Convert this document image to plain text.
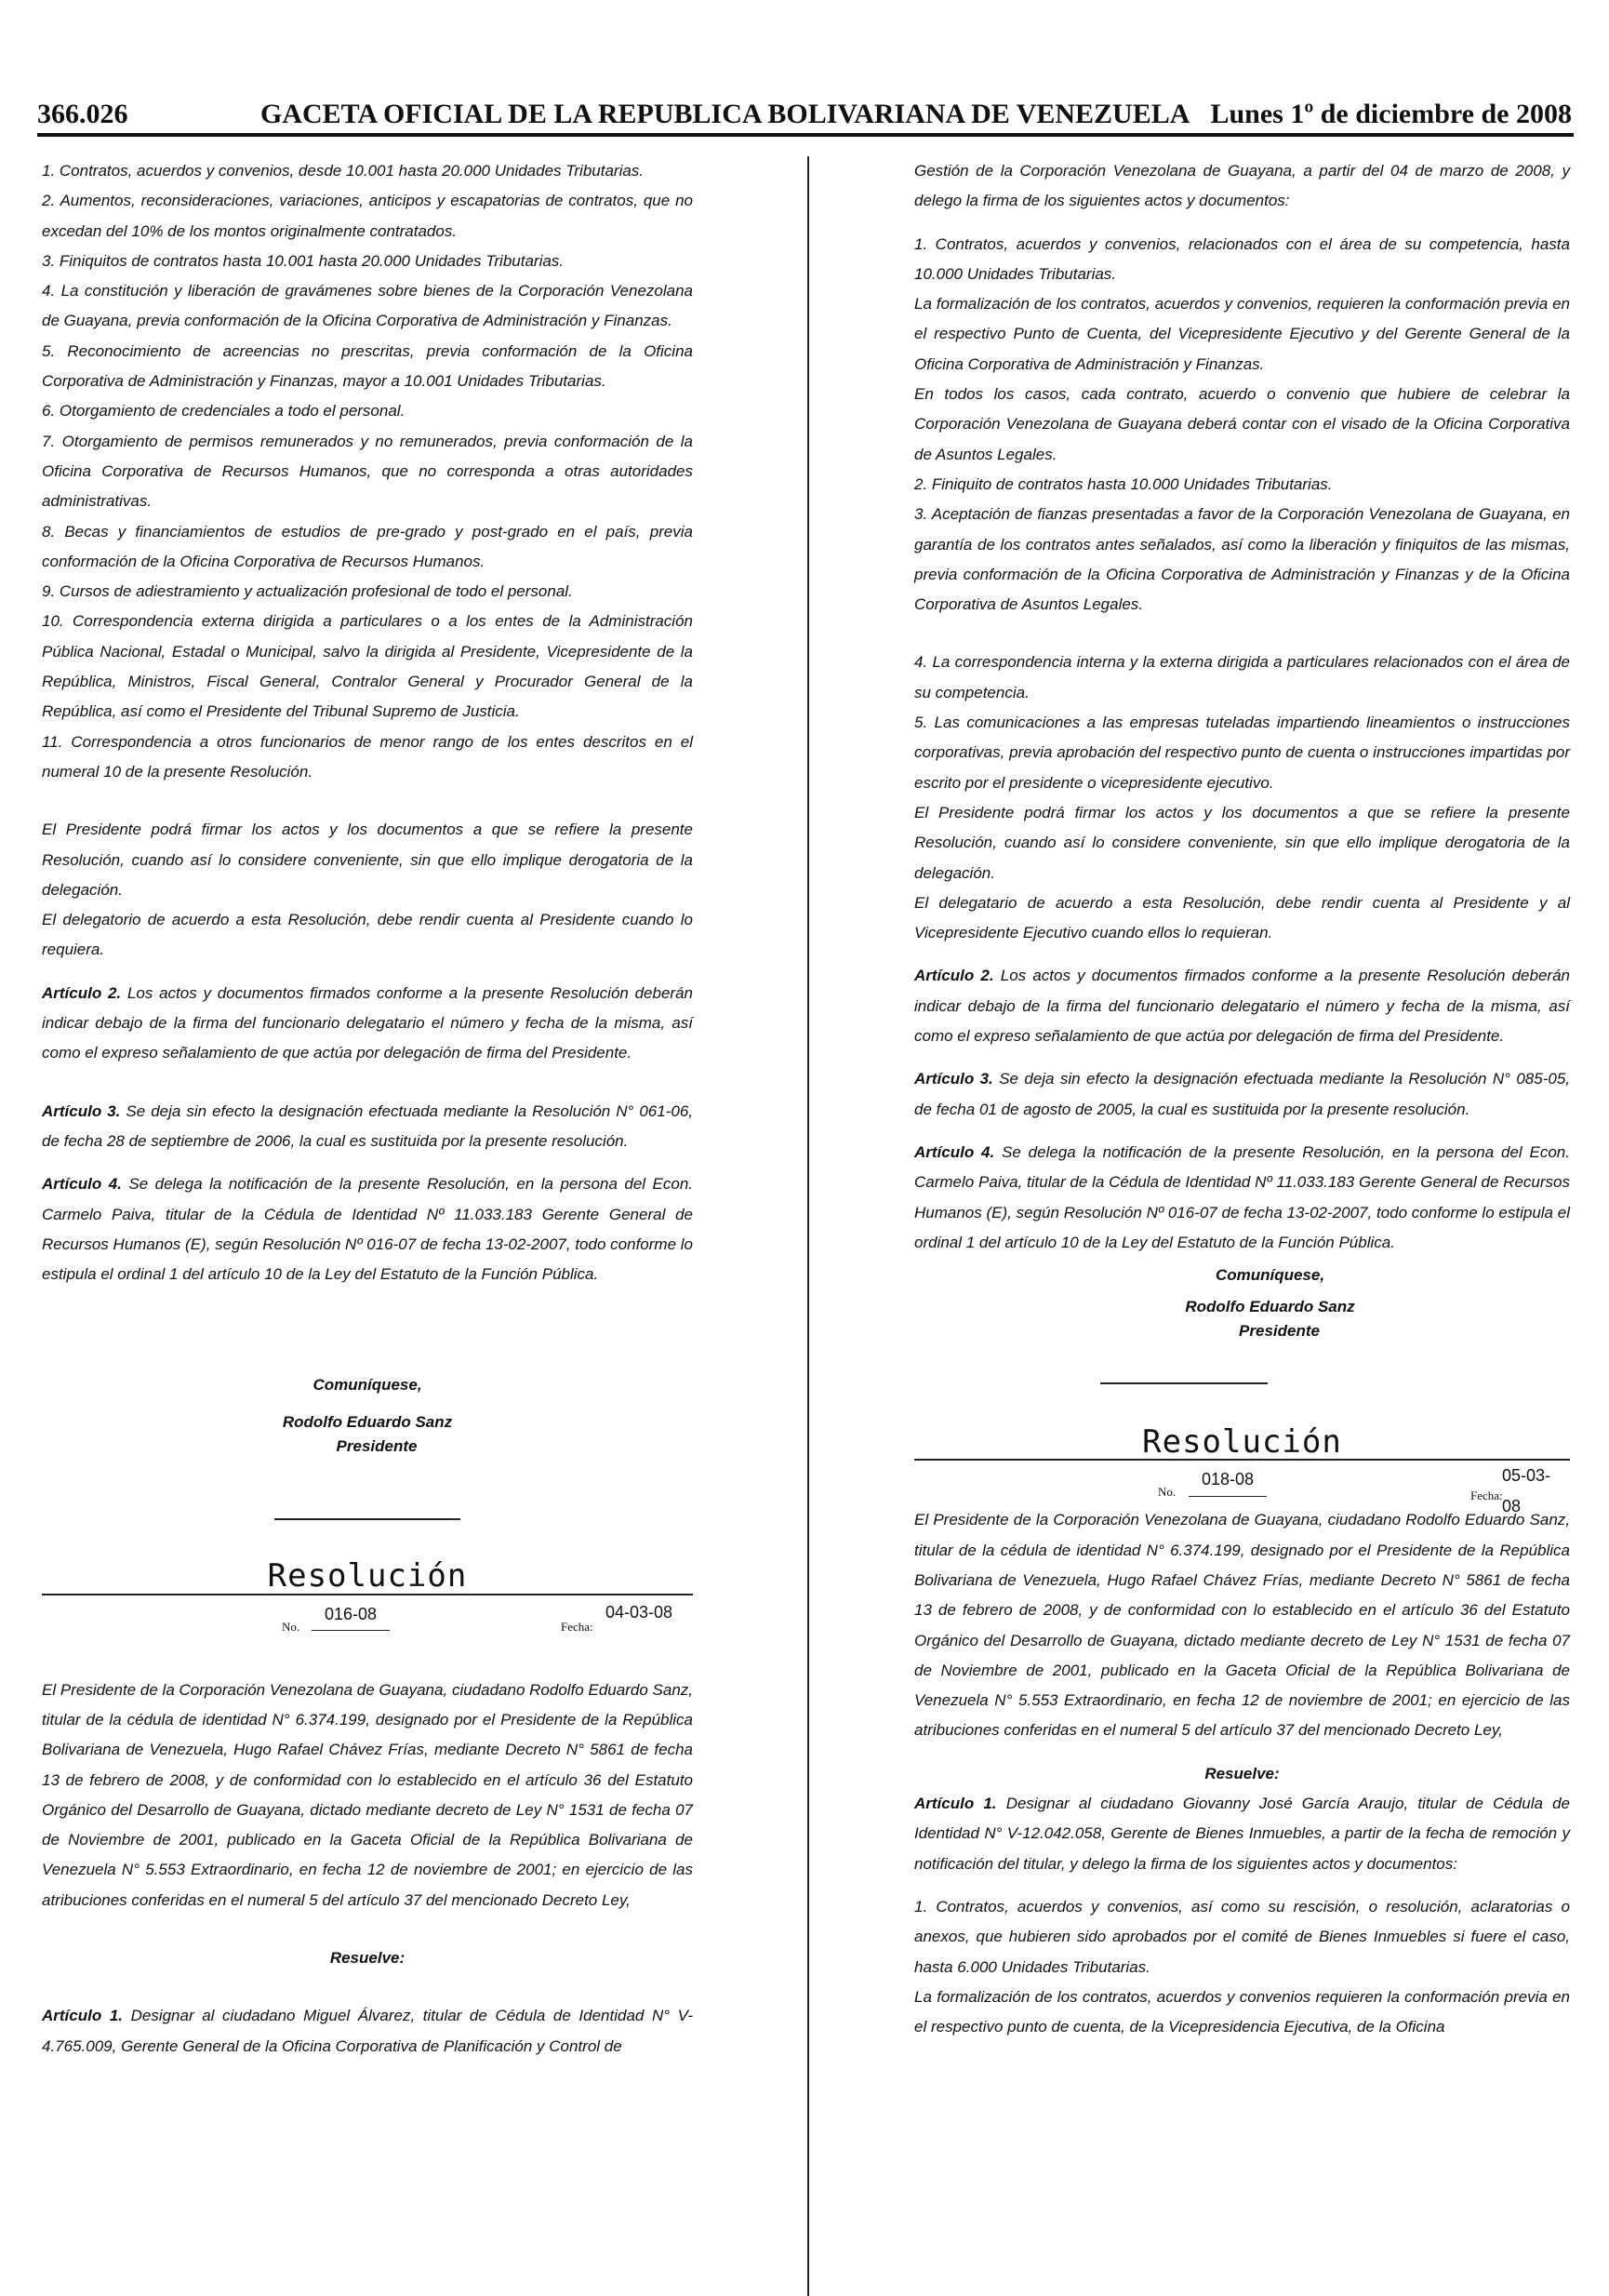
366.026	GACETA OFICIAL DE LA REPUBLICA BOLIVARIANA DE VENEZUELA Lunes 1º de diciembre de 2008

1. Contratos, acuerdos y convenios, desde 10.001 hasta 20.000 Unidades Tributarias.

2. Aumentos, reconsideraciones, variaciones, anticipos y escapatorias de contratos, que no excedan del 10% de los montos originalmente contratados.

3. Finiquitos de contratos hasta 10.001 hasta 20.000 Unidades Tributarias.

4. La constitución y liberación de gravámenes sobre bienes de la Corporación Venezolana de Guayana, previa conformación de la Oficina Corporativa de Administración y Finanzas.

5. Reconocimiento de acreencias no prescritas, previa conformación de la Oficina Corporativa de Administración y Finanzas, mayor a 10.001 Unidades Tributarias.

6. Otorgamiento de credenciales a todo el personal.

7. Otorgamiento de permisos remunerados y no remunerados, previa conformación de la Oficina Corporativa de Recursos Humanos, que no corresponda a otras autoridades administrativas.

8. Becas y financiamientos de estudios de pre-grado y post-grado en el país, previa conformación de la Oficina Corporativa de Recursos Humanos.

9. Cursos de adiestramiento y actualización profesional de todo el personal.

10. Correspondencia externa dirigida a particulares o a los entes de la Administración Pública Nacional, Estadal o Municipal, salvo la dirigida al Presidente, Vicepresidente de la República, Ministros, Fiscal General, Contralor General y Procurador General de la República, así como el Presidente del Tribunal Supremo de Justicia.

11. Correspondencia a otros funcionarios de menor rango de los entes descritos en el numeral 10 de la presente Resolución.

El Presidente podrá firmar los actos y los documentos a que se refiere la presente Resolución, cuando así lo considere conveniente, sin que ello implique derogatoria de la delegación.

El delegatorio de acuerdo a esta Resolución, debe rendir cuenta al Presidente cuando lo requiera.

Artículo 2. Los actos y documentos firmados conforme a la presente Resolución deberán indicar debajo de la firma del funcionario delegatario el número y fecha de la misma, así como el expreso señalamiento de que actúa por delegación de firma del Presidente.

Artículo 3. Se deja sin efecto la designación efectuada mediante la Resolución N° 061-06, de fecha 28 de septiembre de 2006, la cual es sustituida por la presente resolución.

Artículo 4. Se delega la notificación de la presente Resolución, en la persona del Econ. Carmelo Paiva, titular de la Cédula de Identidad Nº 11.033.183 Gerente General de Recursos Humanos (E), según Resolución Nº 016-07 de fecha 13-02-2007, todo conforme lo estipula el ordinal 1 del artículo 10 de la Ley del Estatuto de la Función Pública.

Comuníquese,
Rodolfo Eduardo Sanz
Presidente
Resolución
No.
016-08
Fecha:
04-03-08

El Presidente de la Corporación Venezolana de Guayana, ciudadano Rodolfo Eduardo Sanz, titular de la cédula de identidad N° 6.374.199, designado por el Presidente de la República Bolivariana de Venezuela, Hugo Rafael Chávez Frías, mediante Decreto N° 5861 de fecha 13 de febrero de 2008, y de conformidad con lo establecido en el artículo 36 del Estatuto Orgánico del Desarrollo de Guayana, dictado mediante decreto de Ley N° 1531 de fecha 07 de Noviembre de 2001, publicado en la Gaceta Oficial de la República Bolivariana de Venezuela N° 5.553 Extraordinario, en fecha 12 de noviembre de 2001; en ejercicio de las atribuciones conferidas en el numeral 5 del artículo 37 del mencionado Decreto Ley,

Resuelve:

Artículo 1. Designar al ciudadano Miguel Álvarez, titular de Cédula de Identidad N° V-4.765.009, Gerente General de la Oficina Corporativa de Planificación y Control de

Gestión de la Corporación Venezolana de Guayana, a partir del 04 de marzo de 2008, y delego la firma de los siguientes actos y documentos:

1. Contratos, acuerdos y convenios, relacionados con el área de su competencia, hasta 10.000 Unidades Tributarias.

La formalización de los contratos, acuerdos y convenios, requieren la conformación previa en el respectivo Punto de Cuenta, del Vicepresidente Ejecutivo y del Gerente General de la Oficina Corporativa de Administración y Finanzas.

En todos los casos, cada contrato, acuerdo o convenio que hubiere de celebrar la Corporación Venezolana de Guayana deberá contar con el visado de la Oficina Corporativa de Asuntos Legales.

2. Finiquito de contratos hasta 10.000 Unidades Tributarias.

3. Aceptación de fianzas presentadas a favor de la Corporación Venezolana de Guayana, en garantía de los contratos antes señalados, así como la liberación y finiquitos de las mismas, previa conformación de la Oficina Corporativa de Administración y Finanzas y de la Oficina Corporativa de Asuntos Legales.

4. La correspondencia interna y la externa dirigida a particulares relacionados con el área de su competencia.

5. Las comunicaciones a las empresas tuteladas impartiendo lineamientos o instrucciones corporativas, previa aprobación del respectivo punto de cuenta o instrucciones impartidas por escrito por el presidente o vicepresidente ejecutivo.

El Presidente podrá firmar los actos y los documentos a que se refiere la presente Resolución, cuando así lo considere conveniente, sin que ello implique derogatoria de la delegación.

El delegatario de acuerdo a esta Resolución, debe rendir cuenta al Presidente y al Vicepresidente Ejecutivo cuando ellos lo requieran.

Artículo 2. Los actos y documentos firmados conforme a la presente Resolución deberán indicar debajo de la firma del funcionario delegatario el número y fecha de la misma, así como el expreso señalamiento de que actúa por delegación de firma del Presidente.

Artículo 3. Se deja sin efecto la designación efectuada mediante la Resolución N° 085-05, de fecha 01 de agosto de 2005, la cual es sustituida por la presente resolución.

Artículo 4. Se delega la notificación de la presente Resolución, en la persona del Econ. Carmelo Paiva, titular de la Cédula de Identidad Nº 11.033.183 Gerente General de Recursos Humanos (E), según Resolución Nº 016-07 de fecha 13-02-2007, todo conforme lo estipula el ordinal 1 del artículo 10 de la Ley del Estatuto de la Función Pública.

Comuníquese,
Rodolfo Eduardo Sanz
Presidente
Resolución
No.
018-08
Fecha:
05-03-08

El Presidente de la Corporación Venezolana de Guayana, ciudadano Rodolfo Eduardo Sanz, titular de la cédula de identidad N° 6.374.199, designado por el Presidente de la República Bolivariana de Venezuela, Hugo Rafael Chávez Frías, mediante Decreto N° 5861 de fecha 13 de febrero de 2008, y de conformidad con lo establecido en el artículo 36 del Estatuto Orgánico del Desarrollo de Guayana, dictado mediante decreto de Ley N° 1531 de fecha 07 de Noviembre de 2001, publicado en la Gaceta Oficial de la República Bolivariana de Venezuela N° 5.553 Extraordinario, en fecha 12 de noviembre de 2001; en ejercicio de las atribuciones conferidas en el numeral 5 del artículo 37 del mencionado Decreto Ley,

Resuelve:

Artículo 1. Designar al ciudadano Giovanny José García Araujo, titular de Cédula de Identidad N° V-12.042.058, Gerente de Bienes Inmuebles, a partir de la fecha de remoción y notificación del titular, y delego la firma de los siguientes actos y documentos:

1. Contratos, acuerdos y convenios, así como su rescisión, o resolución, aclaratorias o anexos, que hubieren sido aprobados por el comité de Bienes Inmuebles si fuere el caso, hasta 6.000 Unidades Tributarias.

La formalización de los contratos, acuerdos y convenios requieren la conformación previa en el respectivo punto de cuenta, de la Vicepresidencia Ejecutiva, de la Oficina
